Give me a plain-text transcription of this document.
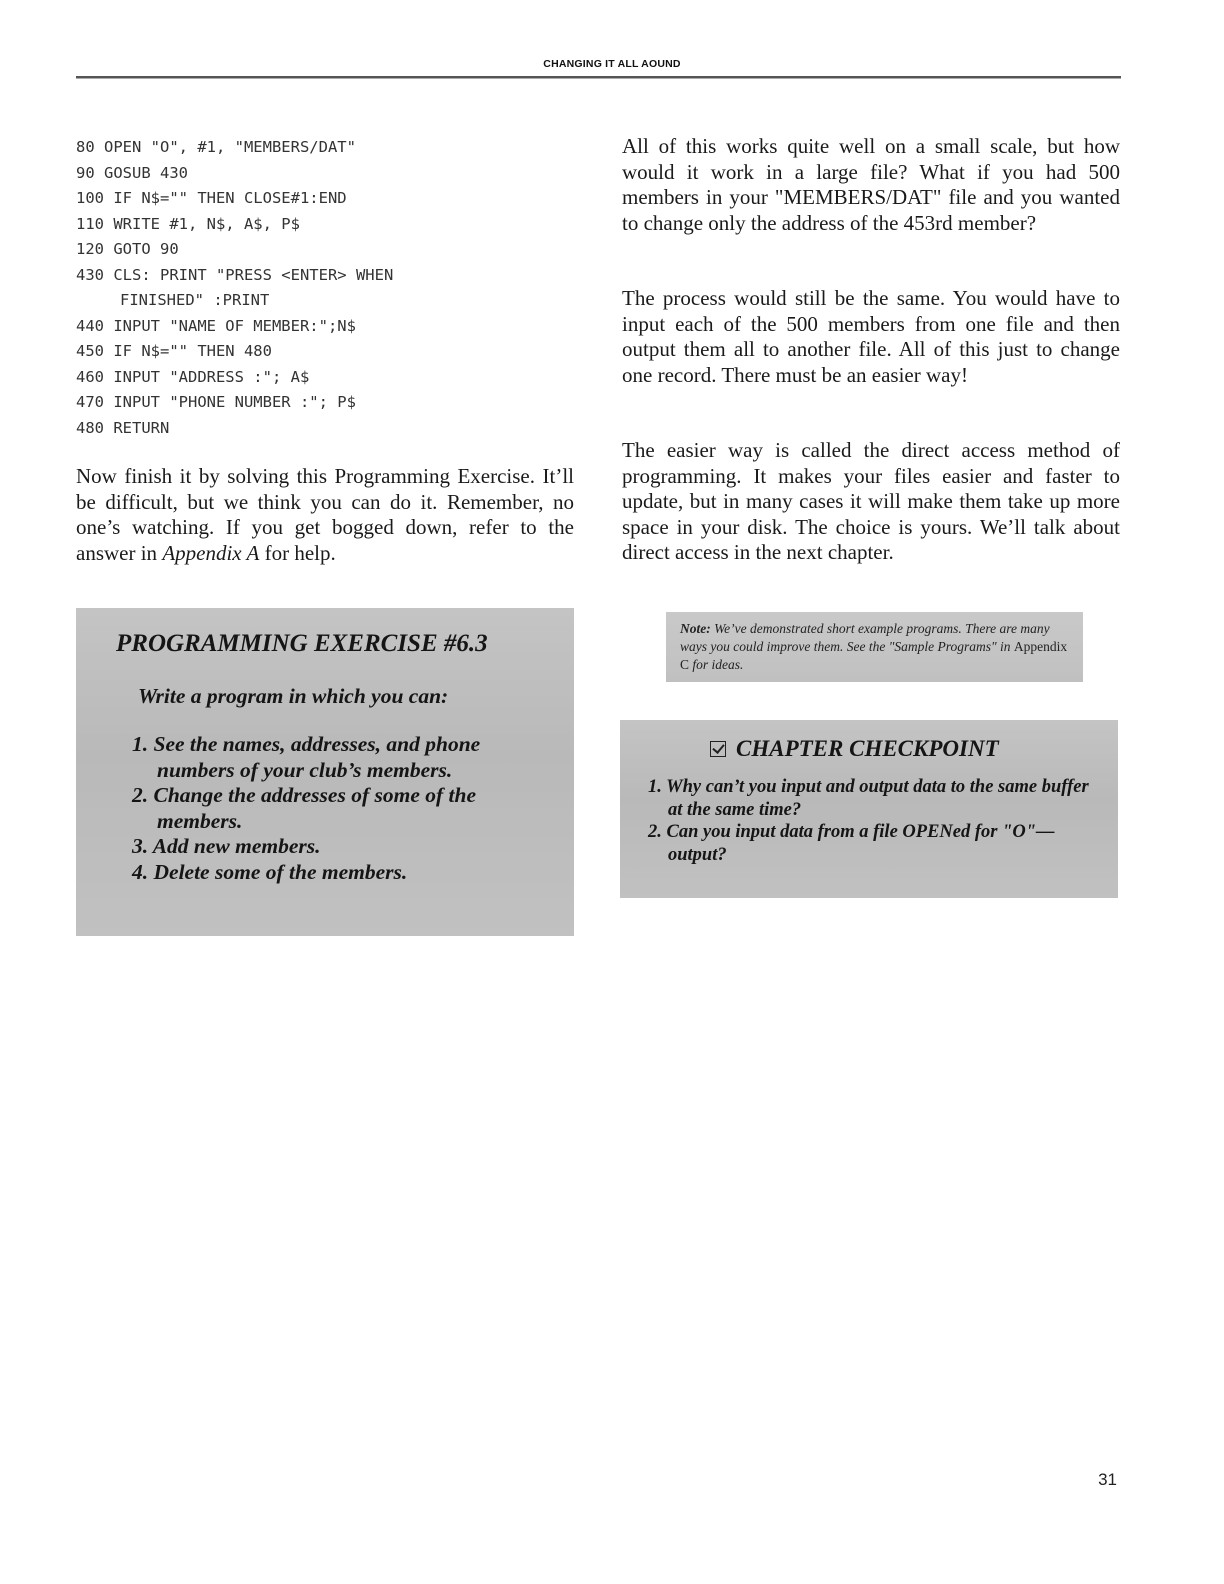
CHANGING IT ALL AOUND
80 OPEN "O", #1, "MEMBERS/DAT"
90 GOSUB 430
100 IF N$="" THEN CLOSE#1:END
110 WRITE #1, N$, A$, P$
120 GOTO 90
430 CLS: PRINT "PRESS <ENTER> WHEN
FINISHED" :PRINT
440 INPUT "NAME OF MEMBER:";N$
450 IF N$="" THEN 480
460 INPUT "ADDRESS :"; A$
470 INPUT "PHONE NUMBER :"; P$
480 RETURN

Now finish it by solving this Programming Exercise. It’ll be difficult, but we think you can do it. Remember, no one’s watching. If you get bogged down, refer to the answer in Appendix A for help.

PROGRAMMING EXERCISE #6.3

Write a program in which you can:

1. See the names, addresses, and phone numbers of your club’s members.
2. Change the addresses of some of the members.
3. Add new members.
4. Delete some of the members.

All of this works quite well on a small scale, but how would it work in a large file? What if you had 500 members in your "MEMBERS/DAT" file and you wanted to change only the address of the 453rd member?

The process would still be the same. You would have to input each of the 500 members from one file and then output them all to another file. All of this just to change one record. There must be an easier way!

The easier way is called the direct access method of programming. It makes your files easier and faster to update, but in many cases it will make them take up more space in your disk. The choice is yours. We’ll talk about direct access in the next chapter.

Note: We’ve demonstrated short example programs. There are many ways you could improve them. See the "Sample Programs" in Appendix C for ideas.

CHAPTER CHECKPOINT
1. Why can’t you input and output data to the same buffer at the same time?
2. Can you input data from a file OPENed for "O"—output?
31
